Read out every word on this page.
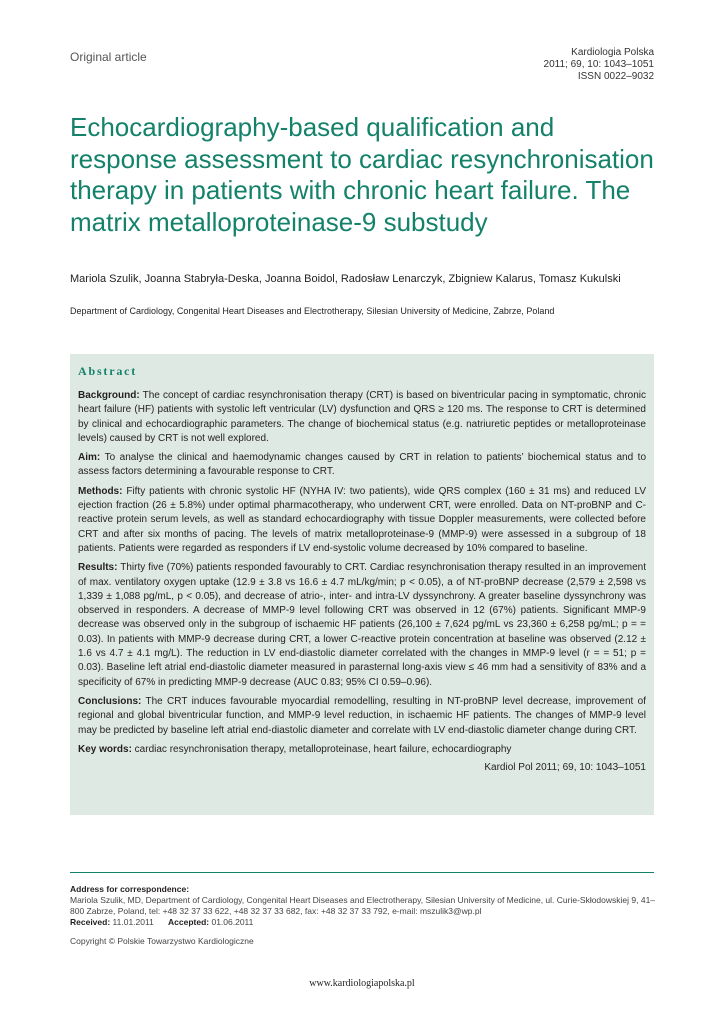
Original article	Kardiologia Polska
2011; 69, 10: 1043–1051
ISSN 0022–9032
Echocardiography-based qualification and response assessment to cardiac resynchronisation therapy in patients with chronic heart failure. The matrix metalloproteinase-9 substudy
Mariola Szulik, Joanna Stabryła-Deska, Joanna Boidol, Radosław Lenarczyk, Zbigniew Kalarus, Tomasz Kukulski
Department of Cardiology, Congenital Heart Diseases and Electrotherapy, Silesian University of Medicine, Zabrze, Poland
Abstract

Background: The concept of cardiac resynchronisation therapy (CRT) is based on biventricular pacing in symptomatic, chronic heart failure (HF) patients with systolic left ventricular (LV) dysfunction and QRS ≥ 120 ms. The response to CRT is determined by clinical and echocardiographic parameters. The change of biochemical status (e.g. natriuretic peptides or metalloproteinase levels) caused by CRT is not well explored.

Aim: To analyse the clinical and haemodynamic changes caused by CRT in relation to patients’ biochemical status and to assess factors determining a favourable response to CRT.

Methods: Fifty patients with chronic systolic HF (NYHA IV: two patients), wide QRS complex (160 ± 31 ms) and reduced LV ejection fraction (26 ± 5.8%) under optimal pharmacotherapy, who underwent CRT, were enrolled. Data on NT-proBNP and C-reactive protein serum levels, as well as standard echocardiography with tissue Doppler measurements, were collected before CRT and after six months of pacing. The levels of matrix metalloproteinase-9 (MMP-9) were assessed in a subgroup of 18 patients. Patients were regarded as responders if LV end-systolic volume decreased by 10% compared to baseline.

Results: Thirty five (70%) patients responded favourably to CRT. Cardiac resynchronisation therapy resulted in an improvement of max. ventilatory oxygen uptake (12.9 ± 3.8 vs 16.6 ± 4.7 mL/kg/min; p < 0.05), a of NT-proBNP decrease (2,579 ± 2,598 vs 1,339 ± 1,088 pg/mL, p < 0.05), and decrease of atrio-, inter- and intra-LV dyssynchrony. A greater baseline dyssynchrony was observed in responders. A decrease of MMP-9 level following CRT was observed in 12 (67%) patients. Significant MMP-9 decrease was observed only in the subgroup of ischaemic HF patients (26,100 ± 7,624 pg/mL vs 23,360 ± 6,258 pg/mL; p = = 0.03). In patients with MMP-9 decrease during CRT, a lower C-reactive protein concentration at baseline was observed (2.12 ± 1.6 vs 4.7 ± 4.1 mg/L). The reduction in LV end-diastolic diameter correlated with the changes in MMP-9 level (r = = 51; p = 0.03). Baseline left atrial end-diastolic diameter measured in parasternal long-axis view ≤ 46 mm had a sensitivity of 83% and a specificity of 67% in predicting MMP-9 decrease (AUC 0.83; 95% CI 0.59–0.96).

Conclusions: The CRT induces favourable myocardial remodelling, resulting in NT-proBNP level decrease, improvement of regional and global biventricular function, and MMP-9 level reduction, in ischaemic HF patients. The changes of MMP-9 level may be predicted by baseline left atrial end-diastolic diameter and correlate with LV end-diastolic diameter change during CRT.

Key words: cardiac resynchronisation therapy, metalloproteinase, heart failure, echocardiography

Kardiol Pol 2011; 69, 10: 1043–1051
Address for correspondence:
Mariola Szulik, MD, Department of Cardiology, Congenital Heart Diseases and Electrotherapy, Silesian University of Medicine, ul. Curie-Skłodowskiej 9, 41–800 Zabrze, Poland, tel: +48 32 37 33 622, +48 32 37 33 682, fax: +48 32 37 33 792, e-mail: mszulik3@wp.pl
Received: 11.01.2011 Accepted: 01.06.2011
Copyright © Polskie Towarzystwo Kardiologiczne
www.kardiologiapolska.pl
